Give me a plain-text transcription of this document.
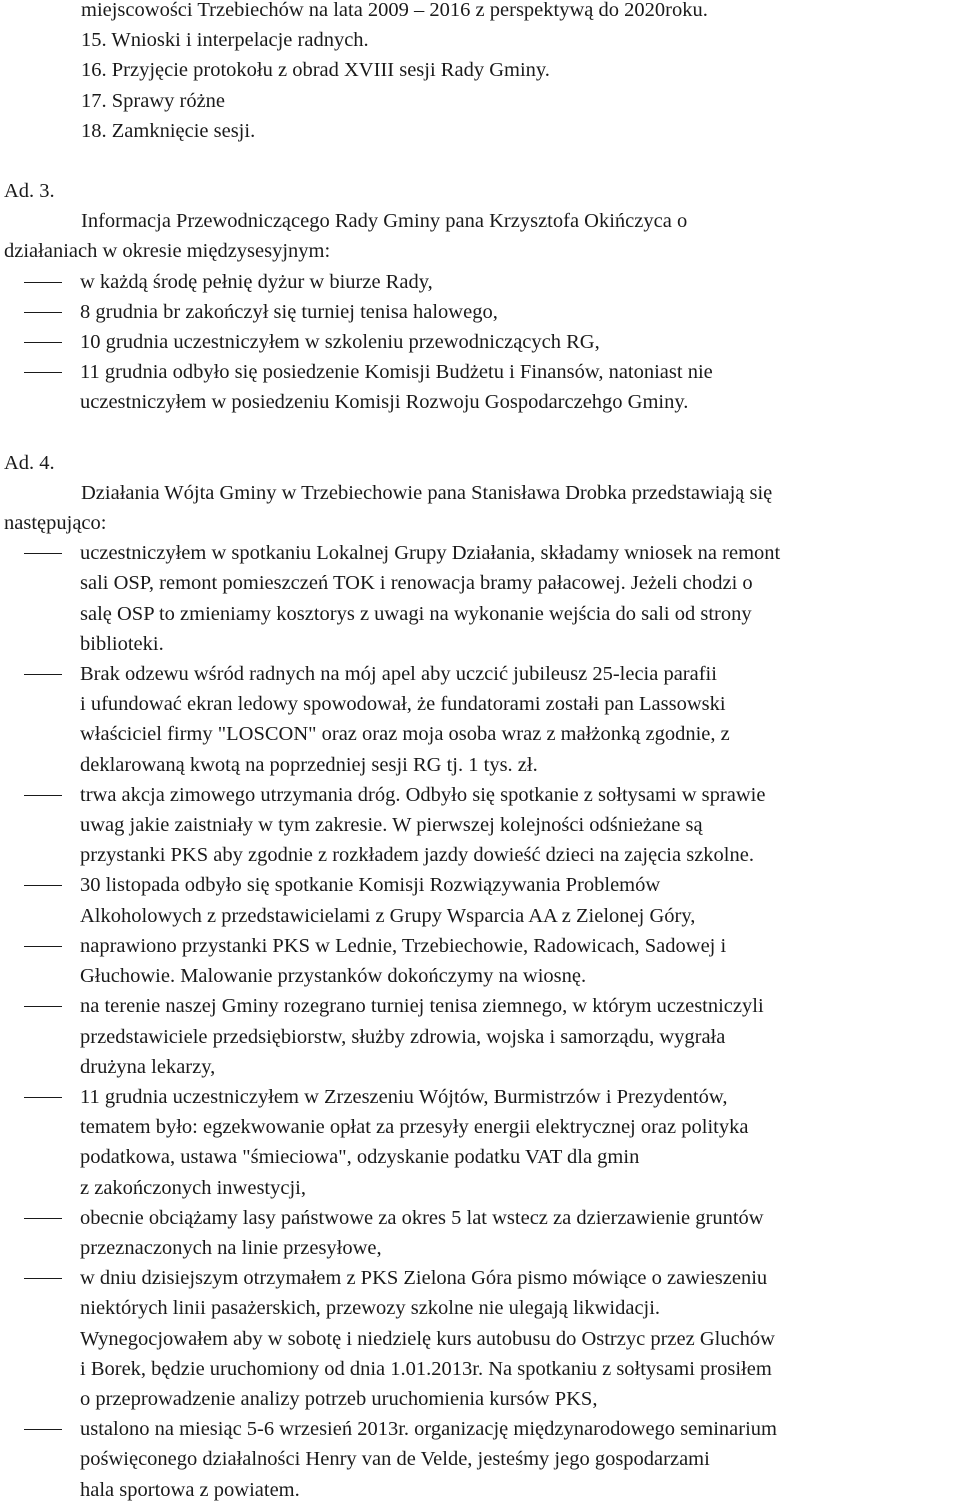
miejscowości Trzebiechów na lata 2009 – 2016 z perspektywą do 2020roku.
15. Wnioski i interpelacje radnych.
16. Przyjęcie protokołu z obrad XVIII sesji Rady Gminy.
17. Sprawy różne
18. Zamknięcie sesji.
Ad. 3.
Informacja Przewodniczącego Rady Gminy pana Krzysztofa Okińczyca o
działaniach w okresie międzysesyjnym:
w każdą środę pełnię dyżur w biurze Rady,
8 grudnia br zakończył się turniej tenisa halowego,
10 grudnia uczestniczyłem w szkoleniu przewodniczących RG,
11 grudnia odbyło się posiedzenie Komisji Budżetu i Finansów, natoniast nie
uczestniczyłem w posiedzeniu Komisji Rozwoju Gospodarczehgo Gminy.
Ad. 4.
Działania Wójta Gminy w Trzebiechowie pana Stanisława Drobka przedstawiają się
następująco:
uczestniczyłem w spotkaniu Lokalnej Grupy Działania, składamy wniosek na remont
sali OSP, remont pomieszczeń TOK i renowacja bramy pałacowej. Jeżeli chodzi o
salę OSP to zmieniamy kosztorys z uwagi na wykonanie wejścia do sali od strony
biblioteki.
Brak odzewu wśród radnych na mój apel aby uczcić jubileusz 25-lecia parafii
i ufundować ekran ledowy spowodował, że fundatorami zostałi pan Lassowski
właściciel firmy "LOSCON" oraz oraz moja osoba wraz z małżonką zgodnie, z
deklarowaną kwotą na poprzedniej sesji RG tj. 1 tys. zł.
trwa akcja zimowego utrzymania dróg. Odbyło się spotkanie z sołtysami w sprawie
uwag jakie zaistniały w tym zakresie. W pierwszej kolejności odśnieżane są
przystanki PKS aby zgodnie z rozkładem jazdy dowieść dzieci na zajęcia szkolne.
30 listopada odbyło się spotkanie Komisji Rozwiązywania Problemów
Alkoholowych z przedstawicielami z Grupy Wsparcia AA z Zielonej Góry,
naprawiono przystanki PKS w Lednie, Trzebiechowie, Radowicach, Sadowej i
Głuchowie. Malowanie przystanków dokończymy na wiosnę.
na terenie naszej Gminy rozegrano turniej tenisa ziemnego, w którym uczestniczyli
przedstawiciele przedsiębiorstw, służby zdrowia, wojska i samorządu, wygrała
drużyna lekarzy,
11 grudnia uczestniczyłem w Zrzeszeniu Wójtów, Burmistrzów i Prezydentów,
tematem było: egzekwowanie opłat za przesyły energii elektrycznej oraz polityka
podatkowa, ustawa "śmieciowa", odzyskanie podatku VAT dla gmin
z zakończonych inwestycji,
obecnie obciążamy lasy państwowe za okres 5 lat wstecz za dzierzawienie gruntów
przeznaczonych na linie przesyłowe,
w dniu dzisiejszym otrzymałem z PKS Zielona Góra pismo mówiące o zawieszeniu
niektórych linii pasażerskich, przewozy szkolne nie ulegają likwidacji.
Wynegocjowałem aby w sobotę i niedzielę kurs autobusu do Ostrzyc przez Gluchów
i Borek, będzie uruchomiony od dnia 1.01.2013r. Na spotkaniu z sołtysami prosiłem
o przeprowadzenie analizy potrzeb uruchomienia kursów PKS,
ustalono na miesiąc 5-6 wrzesień 2013r. organizację międzynarodowego seminarium
poświęconego działalności Henry van de Velde, jesteśmy jego gospodarzami
hala sportowa z powiatem.
